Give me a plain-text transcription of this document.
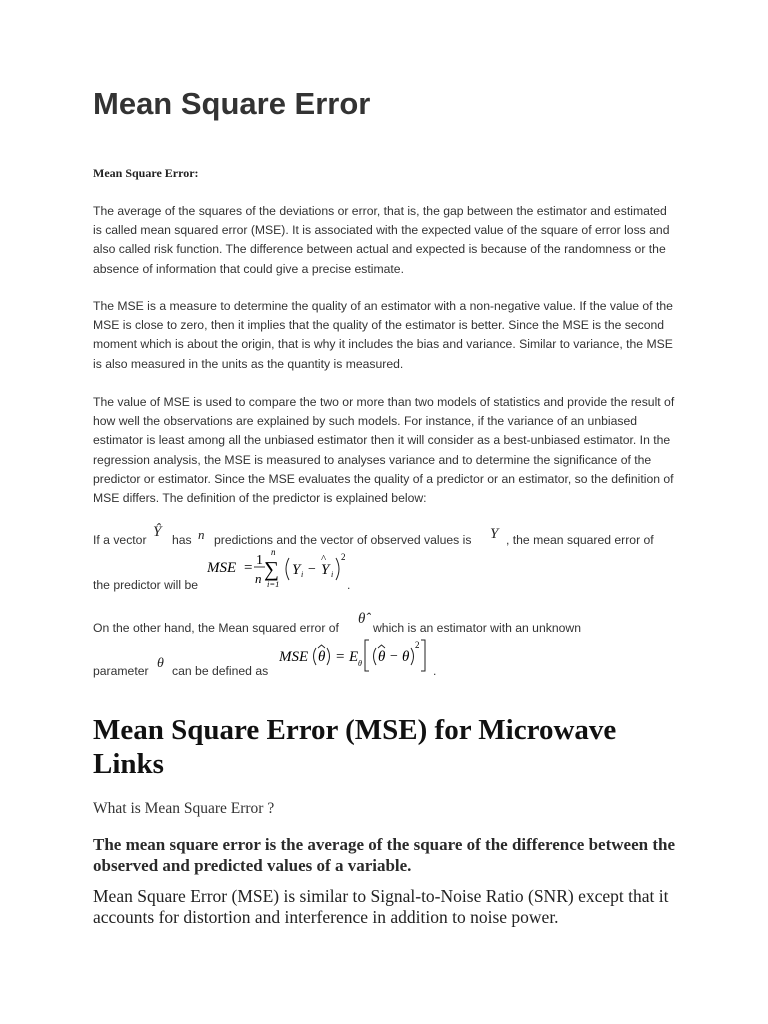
Mean Square Error
Mean Square Error:

The average of the squares of the deviations or error, that is, the gap between the estimator and estimated is called mean squared error (MSE). It is associated with the expected value of the square of error loss and also called risk function. The difference between actual and expected is because of the randomness or the absence of information that could give a precise estimate.

The MSE is a measure to determine the quality of an estimator with a non-negative value. If the value of the MSE is close to zero, then it implies that the quality of the estimator is better. Since the MSE is the second moment which is about the origin, that is why it includes the bias and variance. Similar to variance, the MSE is also measured in the units as the quantity is measured.

The value of MSE is used to compare the two or more than two models of statistics and provide the result of how well the observations are explained by such models. For instance, if the variance of an unbiased estimator is least among all the unbiased estimator then it will consider as a best-unbiased estimator. In the regression analysis, the MSE is measured to analyses variance and to determine the significance of the predictor or estimator. Since the MSE evaluates the quality of a predictor or an estimator, so the definition of MSE differs. The definition of the predictor is explained below:

If a vector Ŷ has n predictions and the vector of observed values is Y , the mean squared error of
MSE = 1
n
n
∑
i=1
Y i − Y
^
i
2
the predictor will be	.
On the other hand, the Mean squared error of
θ̂
which is an estimator with an unknown
parameter θ can be defined as
MSE θ = E θ θ − θ
2
.
Mean Square Error (MSE) for Microwave Links
What is Mean Square Error ?

The mean square error is the average of the square of the difference between the observed and predicted values of a variable.

Mean Square Error (MSE) is similar to Signal-to-Noise Ratio (SNR) except that it accounts for distortion and interference in addition to noise power.
